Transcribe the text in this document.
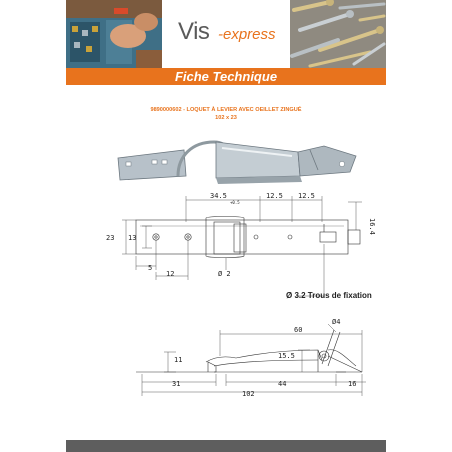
Vis -express
Fiche Technique
9890000602 - LOQUET À LEVIER AVEC OEILLET ZINGUÉ
102 x 23
34.5
+0.5
12.5 12.5
16.4
23 13
5
12	Ø 2
60
Ø4
11	15.5
31	44	16
102
Ø 3.2 Trous de fixation
